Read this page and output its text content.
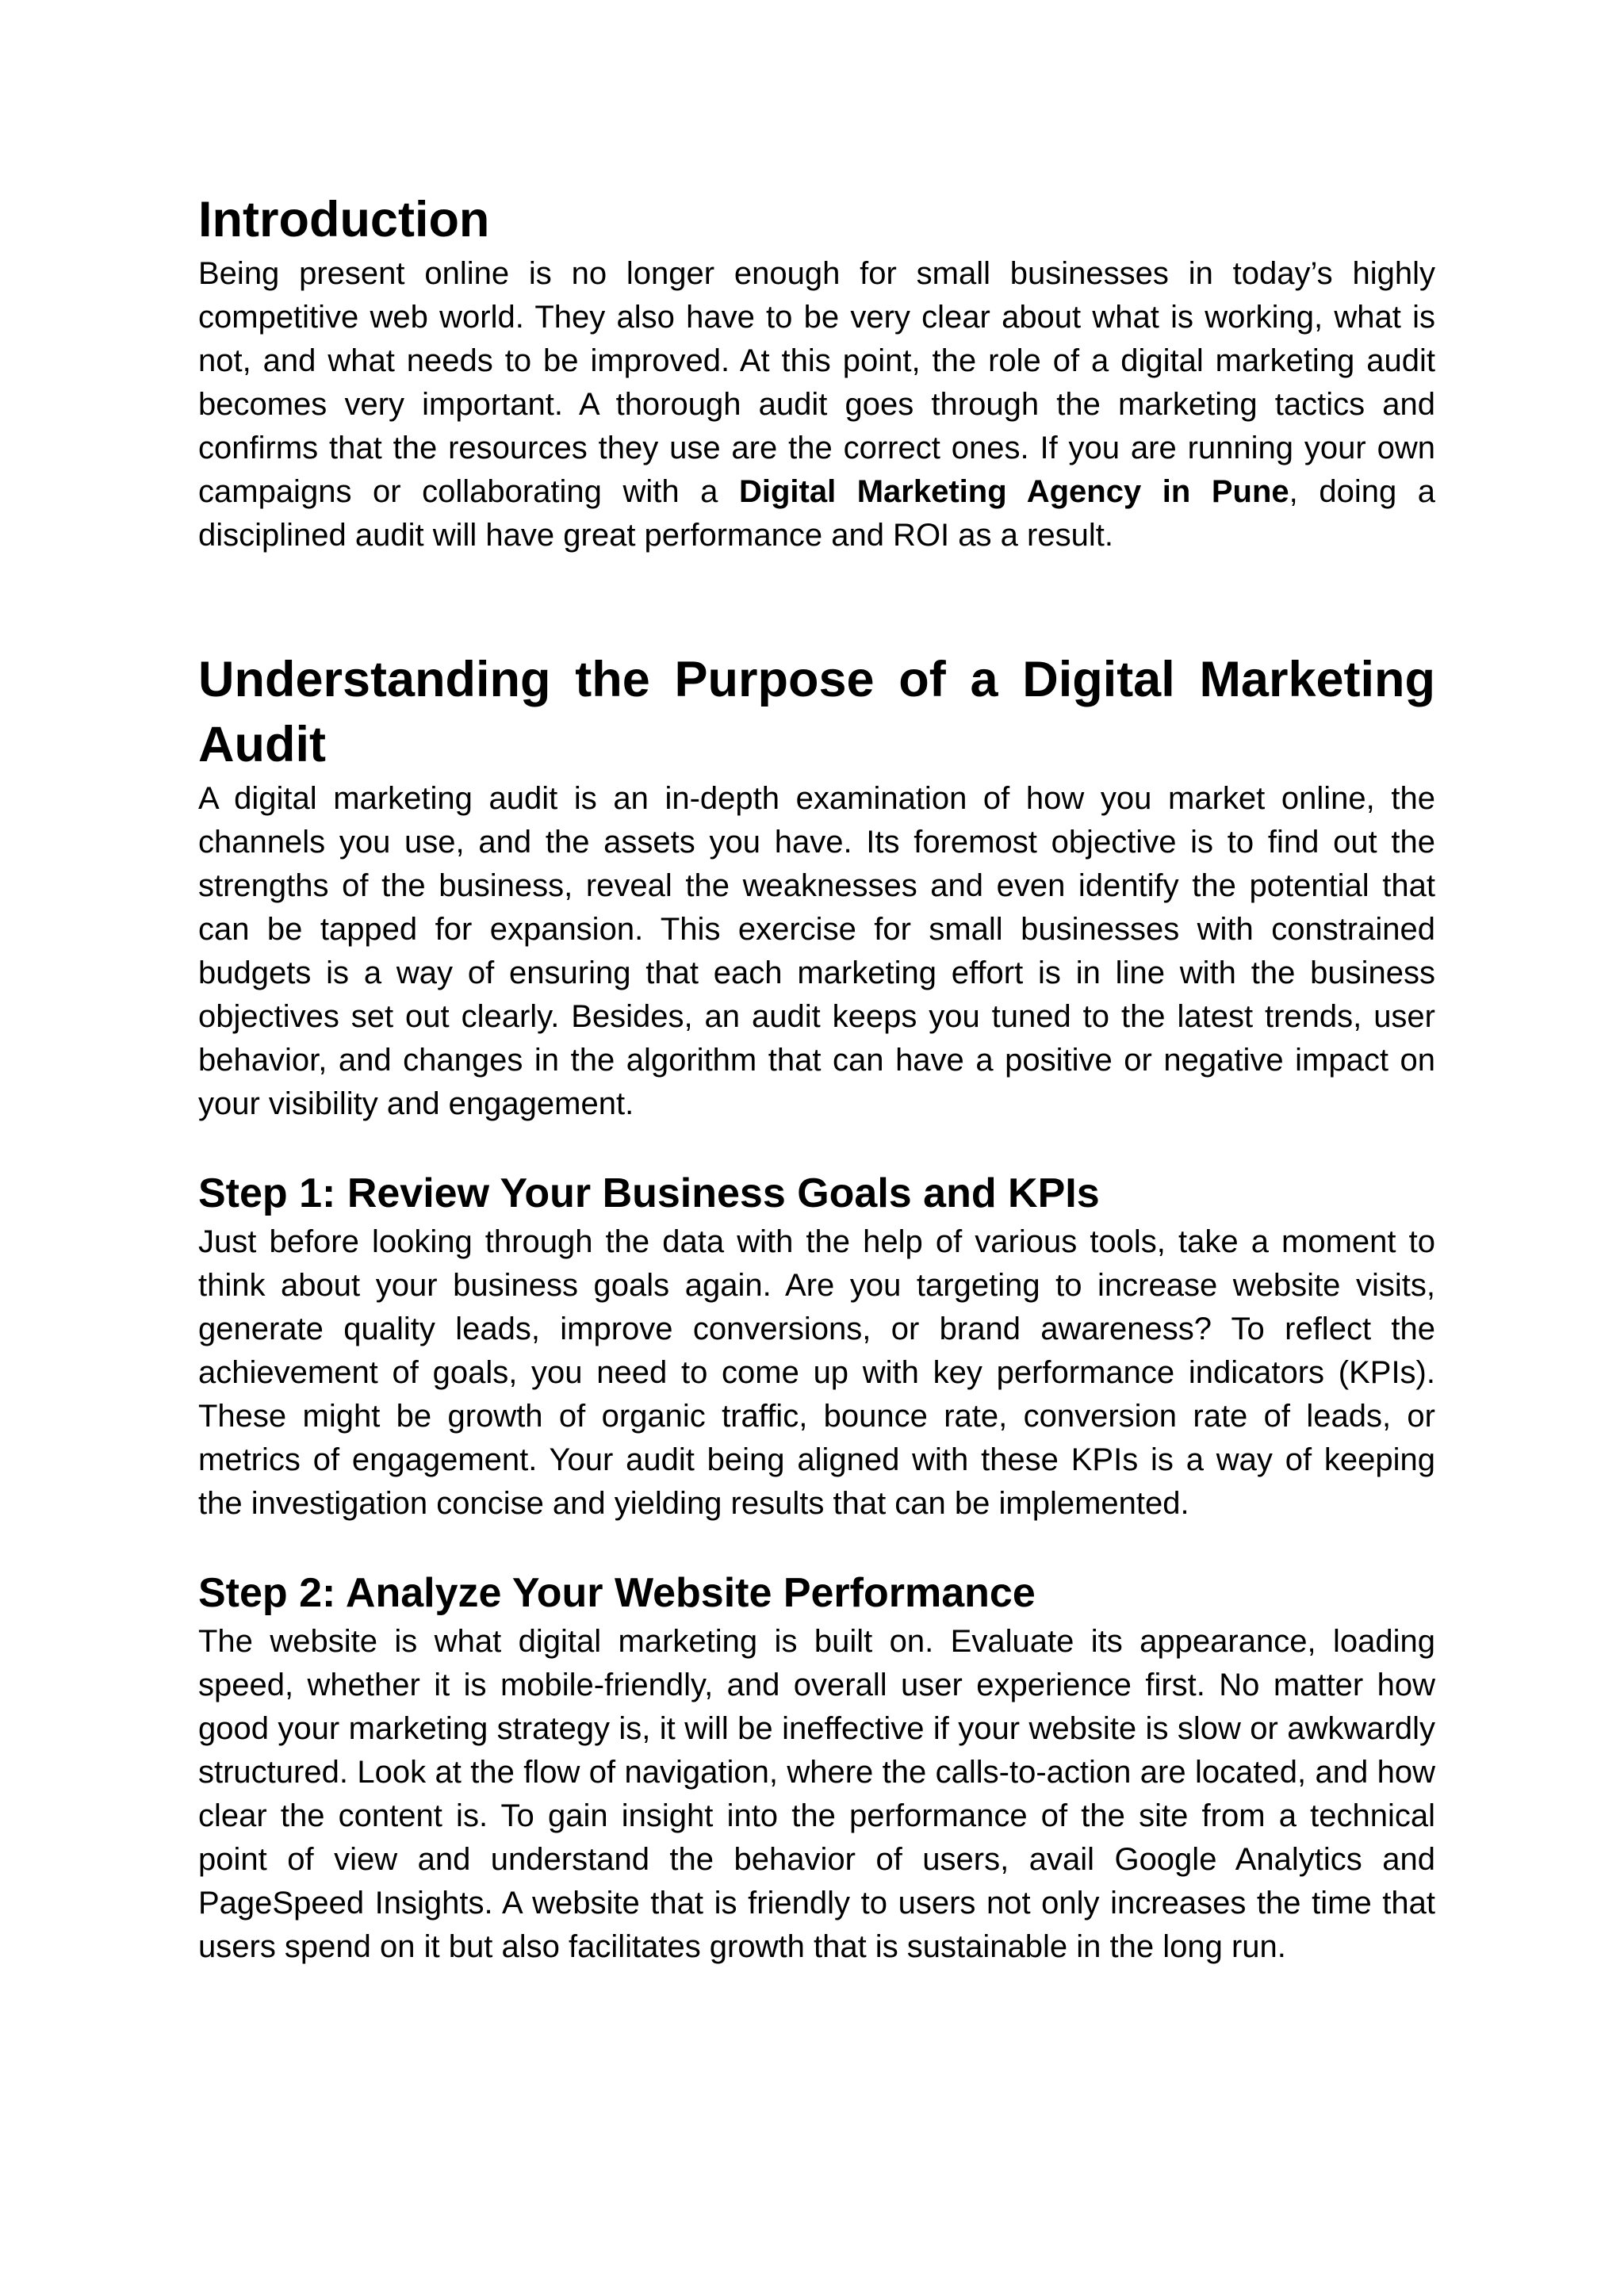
Introduction

Being present online is no longer enough for small businesses in today’s highly competitive web world. They also have to be very clear about what is working, what is not, and what needs to be improved. At this point, the role of a digital marketing audit becomes very important. A thorough audit goes through the marketing tactics and confirms that the resources they use are the correct ones. If you are running your own campaigns or collaborating with a Digital Marketing Agency in Pune, doing a disciplined audit will have great performance and ROI as a result.

Understanding the Purpose of a Digital Marketing Audit

A digital marketing audit is an in-depth examination of how you market online, the channels you use, and the assets you have. Its foremost objective is to find out the strengths of the business, reveal the weaknesses and even identify the potential that can be tapped for expansion. This exercise for small businesses with constrained budgets is a way of ensuring that each marketing effort is in line with the business objectives set out clearly. Besides, an audit keeps you tuned to the latest trends, user behavior, and changes in the algorithm that can have a positive or negative impact on your visibility and engagement.

Step 1: Review Your Business Goals and KPIs

Just before looking through the data with the help of various tools, take a moment to think about your business goals again. Are you targeting to increase website visits, generate quality leads, improve conversions, or brand awareness? To reflect the achievement of goals, you need to come up with key performance indicators (KPIs). These might be growth of organic traffic, bounce rate, conversion rate of leads, or metrics of engagement. Your audit being aligned with these KPIs is a way of keeping the investigation concise and yielding results that can be implemented.

Step 2: Analyze Your Website Performance

The website is what digital marketing is built on. Evaluate its appearance, loading speed, whether it is mobile-friendly, and overall user experience first. No matter how good your marketing strategy is, it will be ineffective if your website is slow or awkwardly structured. Look at the flow of navigation, where the calls-to-action are located, and how clear the content is. To gain insight into the performance of the site from a technical point of view and understand the behavior of users, avail Google Analytics and PageSpeed Insights. A website that is friendly to users not only increases the time that users spend on it but also facilitates growth that is sustainable in the long run.
